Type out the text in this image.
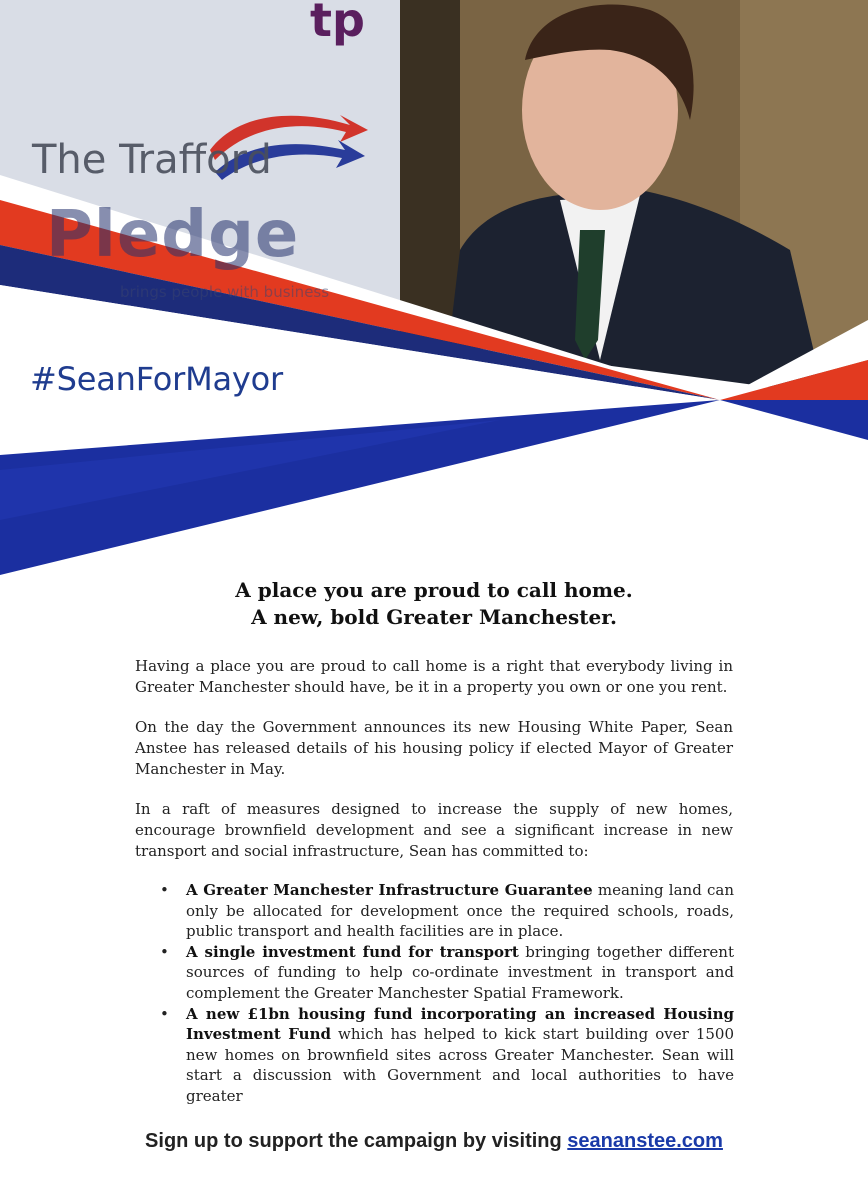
tp
The Trafford
Pledge
brings people with business
#SeanForMayor
A place you are proud to call home.
A new, bold Greater Manchester.

Having a place you are proud to call home is a right that everybody living in Greater Manchester should have, be it in a property you own or one you rent.

On the day the Government announces its new Housing White Paper, Sean Anstee has released details of his housing policy if elected Mayor of Greater Manchester in May.

In a raft of measures designed to increase the supply of new homes, encourage brownfield development and see a significant increase in new transport and social infrastructure, Sean has committed to:

• A Greater Manchester Infrastructure Guarantee meaning land can only be allocated for development once the required schools, roads, public transport and health facilities are in place.
• A single investment fund for transport bringing together different sources of funding to help co-ordinate investment in transport and complement the Greater Manchester Spatial Framework.
• A new £1bn housing fund incorporating an increased Housing Investment Fund which has helped to kick start building over 1500 new homes on brownfield sites across Greater Manchester. Sean will start a discussion with Government and local authorities to have greater
Sign up to support the campaign by visiting seananstee.com
